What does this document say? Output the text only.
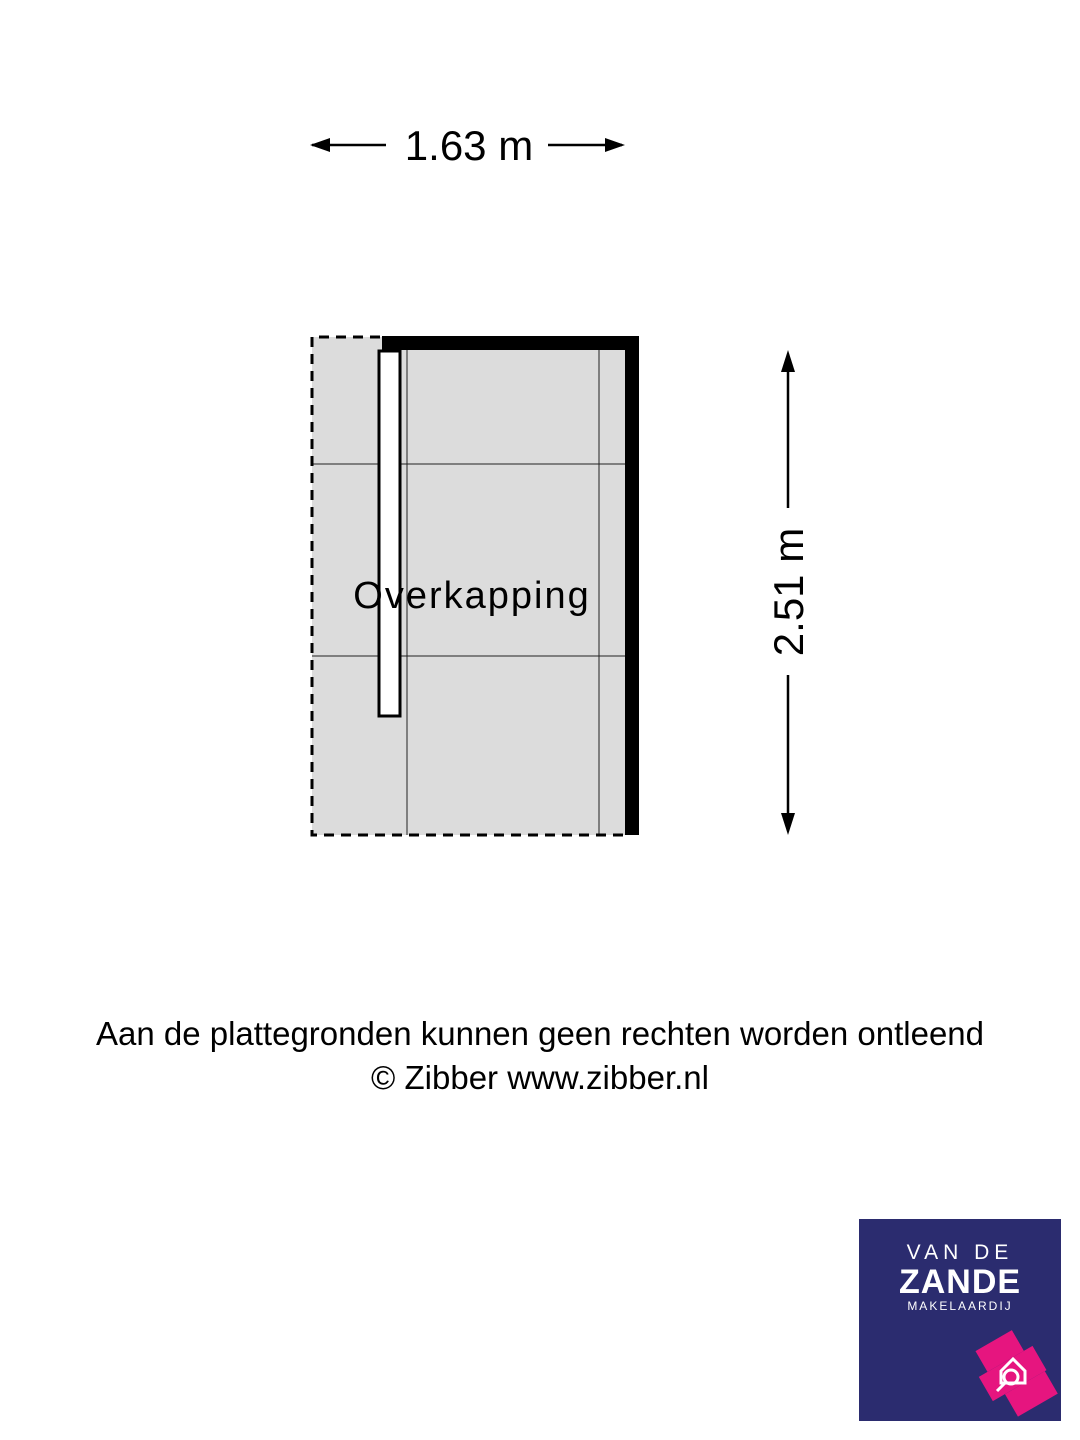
1.63 m
Overkapping	2.51 m
Aan de plattegronden kunnen geen rechten worden ontleend
© Zibber www.zibber.nl
VAN DE
ZANDE
MAKELAARDIJ
